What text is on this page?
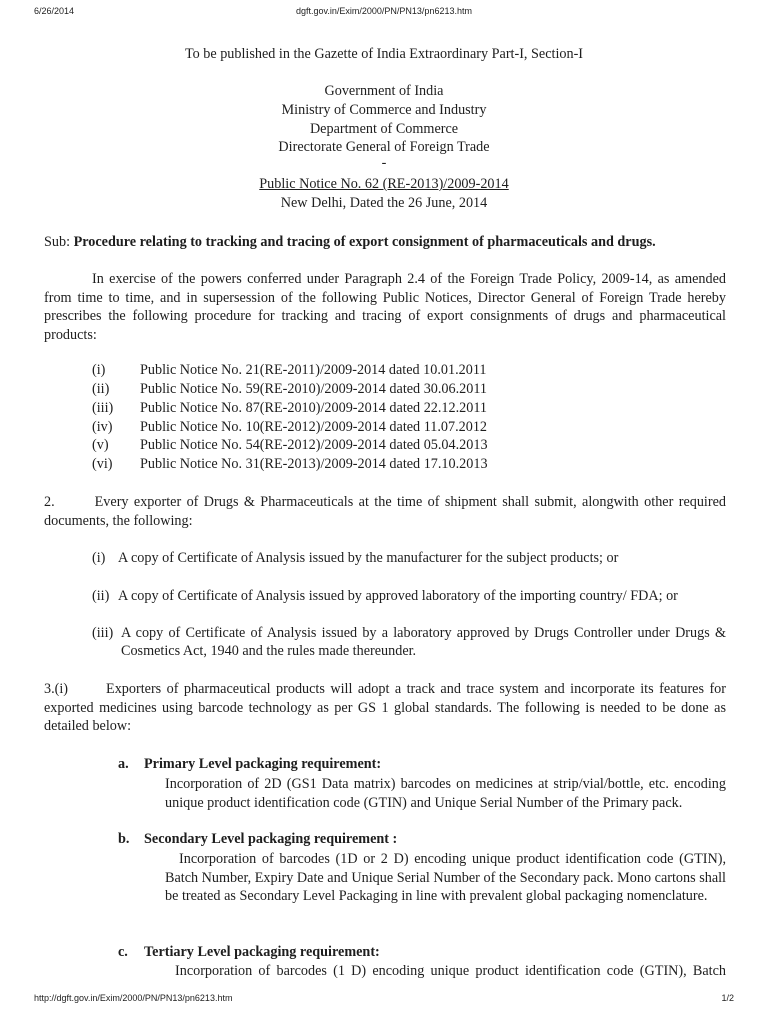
6/26/2014	dgft.gov.in/Exim/2000/PN/PN13/pn6213.htm
To be published in the Gazette of India Extraordinary Part-I, Section-I
Government of India
Ministry of Commerce and Industry
Department of Commerce
Directorate General of Foreign Trade
-
Public Notice No. 62 (RE-2013)/2009-2014
New Delhi, Dated the 26 June, 2014
Sub: Procedure relating to tracking and tracing of export consignment of pharmaceuticals and drugs.
In exercise of the powers conferred under Paragraph 2.4 of the Foreign Trade Policy, 2009-14, as amended from time to time, and in supersession of the following Public Notices, Director General of Foreign Trade hereby prescribes the following procedure for tracking and tracing of export consignments of drugs and pharmaceutical products:
(i) Public Notice No. 21(RE-2011)/2009-2014 dated 10.01.2011
(ii) Public Notice No. 59(RE-2010)/2009-2014 dated 30.06.2011
(iii) Public Notice No. 87(RE-2010)/2009-2014 dated 22.12.2011
(iv) Public Notice No. 10(RE-2012)/2009-2014 dated 11.07.2012
(v) Public Notice No. 54(RE-2012)/2009-2014 dated 05.04.2013
(vi) Public Notice No. 31(RE-2013)/2009-2014 dated 17.10.2013
2.	Every exporter of Drugs & Pharmaceuticals at the time of shipment shall submit, alongwith other required documents, the following:
(i) A copy of Certificate of Analysis issued by the manufacturer for the subject products; or
(ii) A copy of Certificate of Analysis issued by approved laboratory of the importing country/ FDA; or
(iii) A copy of Certificate of Analysis issued by a laboratory approved by Drugs Controller under Drugs &
Cosmetics Act, 1940 and the rules made thereunder.
3.(i)	Exporters of pharmaceutical products will adopt a track and trace system and incorporate its features for exported medicines using barcode technology as per GS 1 global standards. The following is needed to be done as detailed below:
a. Primary Level packaging requirement:
Incorporation of 2D (GS1 Data matrix) barcodes on medicines at strip/vial/bottle, etc. encoding unique product identification code (GTIN) and Unique Serial Number of the Primary pack.
b. Secondary Level packaging requirement :
Incorporation of barcodes (1D or 2 D) encoding unique product identification code (GTIN), Batch Number, Expiry Date and Unique Serial Number of the Secondary pack. Mono cartons shall be treated as Secondary Level Packaging in line with prevalent global packaging nomenclature.
c. Tertiary Level packaging requirement:
Incorporation of barcodes (1 D) encoding unique product identification code (GTIN), Batch
http://dgft.gov.in/Exim/2000/PN/PN13/pn6213.htm	1/2
